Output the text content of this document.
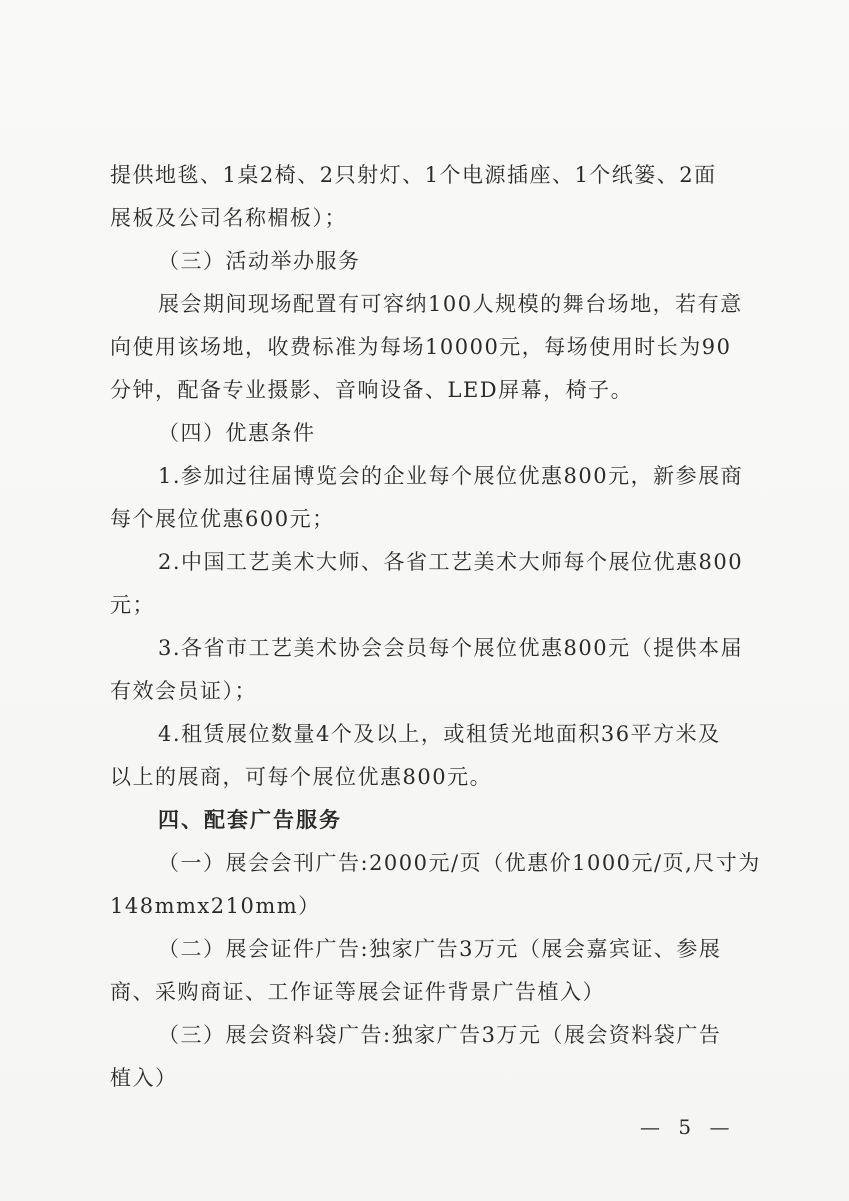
提供地毯、1桌2椅、2只射灯、1个电源插座、1个纸篓、2面
展板及公司名称楣板）；
（三）活动举办服务
展会期间现场配置有可容纳100人规模的舞台场地，若有意
向使用该场地，收费标准为每场10000元，每场使用时长为90
分钟，配备专业摄影、音响设备、LED屏幕，椅子。
（四）优惠条件
1.参加过往届博览会的企业每个展位优惠800元，新参展商
每个展位优惠600元；
2.中国工艺美术大师、各省工艺美术大师每个展位优惠800
元；
3.各省市工艺美术协会会员每个展位优惠800元（提供本届
有效会员证）；
4.租赁展位数量4个及以上，或租赁光地面积36平方米及
以上的展商，可每个展位优惠800元。
四、配套广告服务
（一）展会会刊广告:2000元/页（优惠价1000元/页,尺寸为
148mmx210mm）
（二）展会证件广告:独家广告3万元（展会嘉宾证、参展
商、采购商证、工作证等展会证件背景广告植入）
（三）展会资料袋广告:独家广告3万元（展会资料袋广告
植入）
— 5 —
